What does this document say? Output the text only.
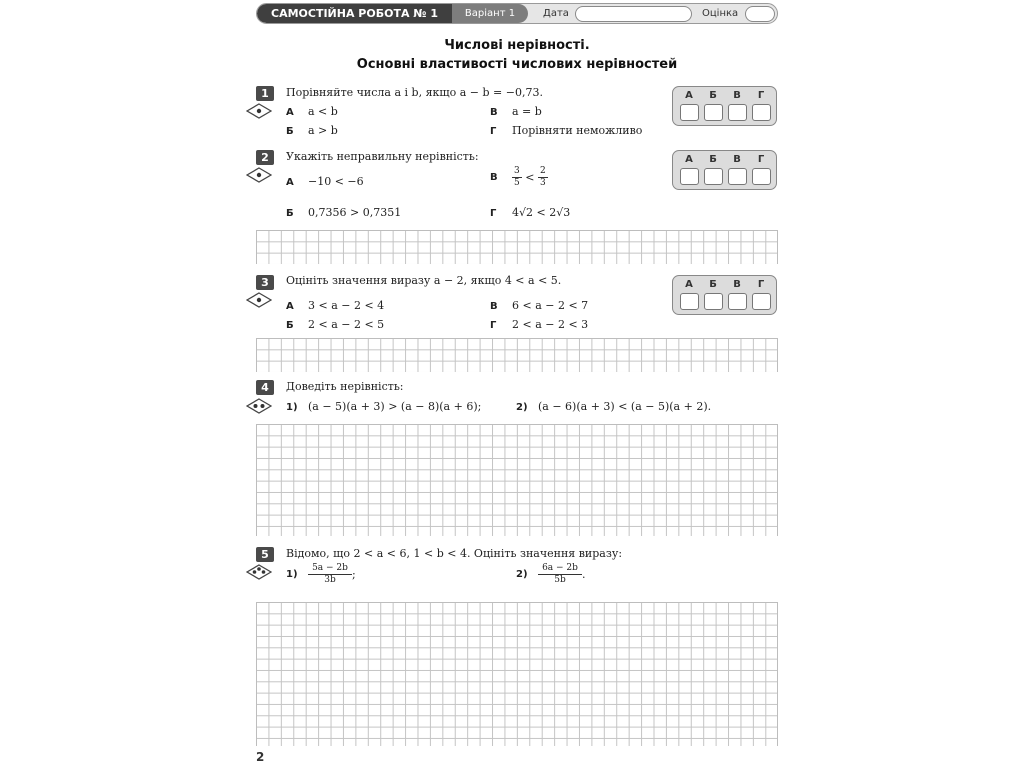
САМОСТІЙНА РОБОТА № 1	Варіант 1	Дата	Оцінка
Числові нерівності.
Основні властивості числових нерівностей
1	Порівняйте числа a і b, якщо a − b = −0,73.
А a < b
Б a > b
В a = b
Г Порівняти неможливо
А	Б	В	Г
2	Укажіть неправильну нерівність:
А −10 < −6
Б 0,7356 > 0,7351
В $\frac{3}{5} < \frac{2}{3}$
Г 4√2 < 2√3
А	Б	В	Г
3	Оцініть значення виразу a − 2, якщо 4 < a < 5.
А 3 < a − 2 < 4
Б 2 < a − 2 < 5
В 6 < a − 2 < 7
Г 2 < a − 2 < 3
А	Б	В	Г
4	Доведіть нерівність:
1) (a − 5)(a + 3) > (a − 8)(a + 6);	2) (a − 6)(a + 3) < (a − 5)(a + 2).
5	Відомо, що 2 < a < 6, 1 < b < 4. Оцініть значення виразу:
$1) \frac{5a - 2b}{3b}$ ;	$2) \frac{6a - 2b}{5b}$ .
2
